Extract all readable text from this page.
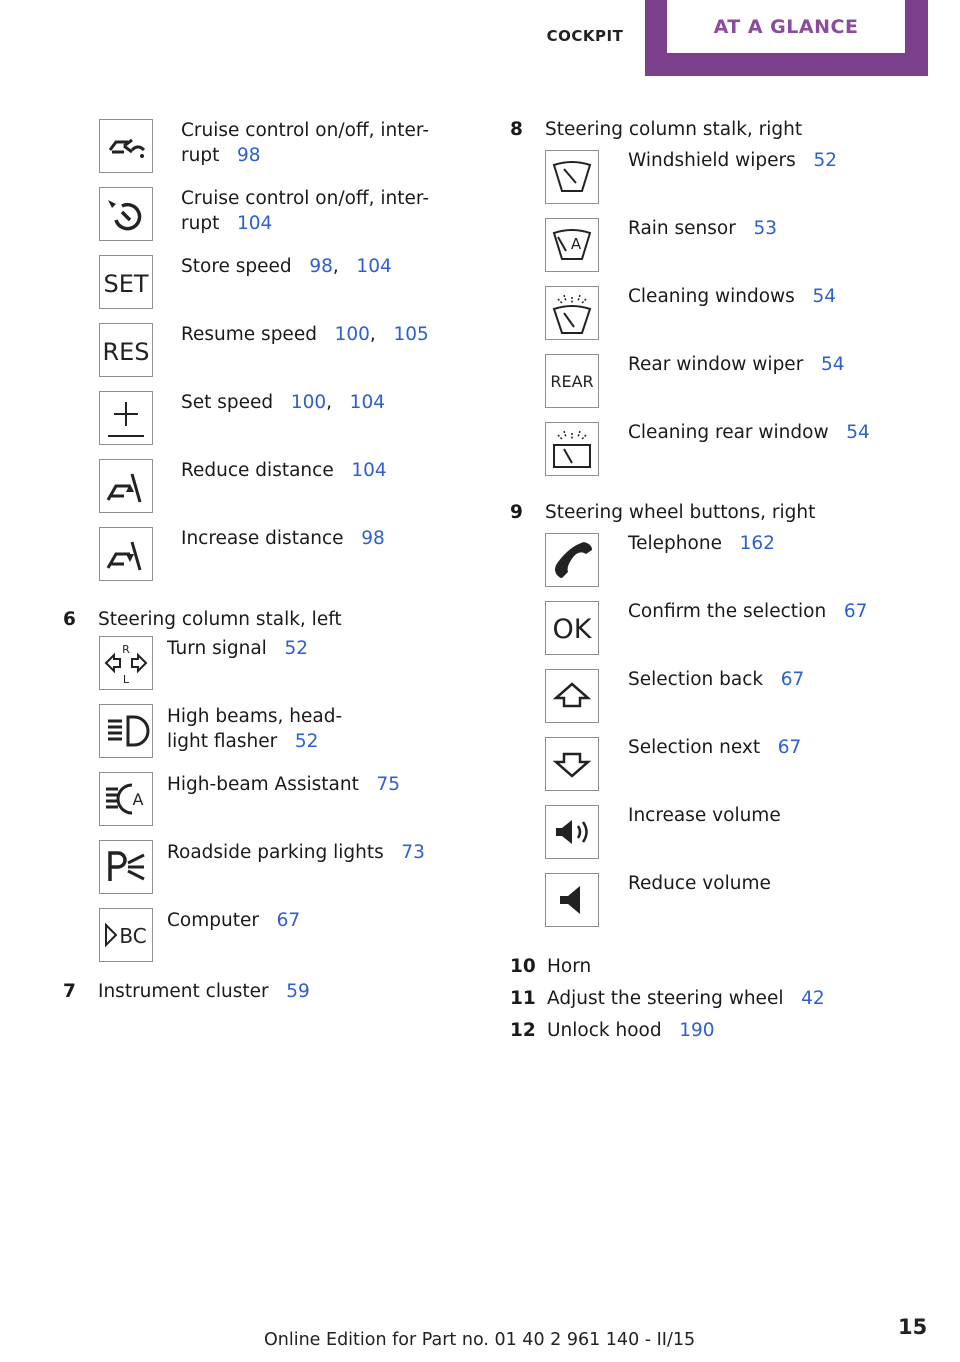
COCKPIT	AT A GLANCE
Cruise control on/off, inter-
rupt 98
Cruise control on/off, inter-
rupt 104
SET
Store speed 98, 104
RES
Resume speed 100, 105
Set speed 100, 104
Reduce distance 104
Increase distance 98
6 Steering column stalk, left
R
L
Turn signal 52
High beams, head-
light flasher 52
A
High-beam Assistant 75
Roadside parking lights 73
BC
Computer 67
7 Instrument cluster 59
8 Steering column stalk, right
Windshield wipers 52
A
Rain sensor 53
Cleaning windows 54
REAR
Rear window wiper 54
Cleaning rear window 54
9 Steering wheel buttons, right
Telephone 162
OK
Confirm the selection 67
Selection back 67
Selection next 67
Increase volume
Reduce volume
10 Horn
11 Adjust the steering wheel 42
12 Unlock hood 190
15
Online Edition for Part no. 01 40 2 961 140 - II/15
